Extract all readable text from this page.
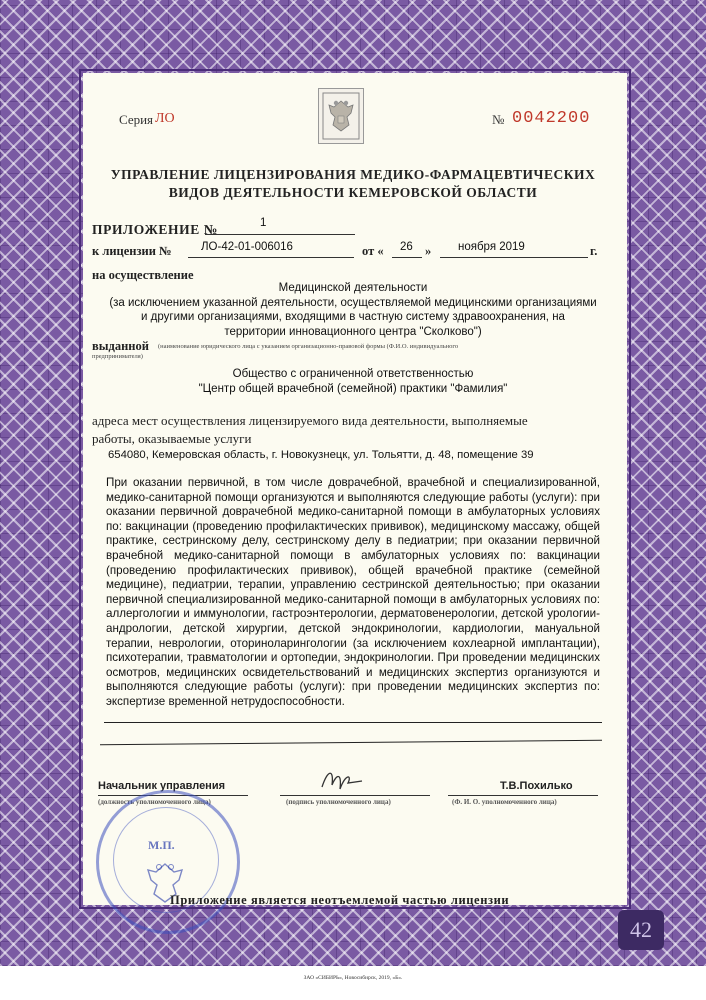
42
Серия ЛО	№ 0042200
УПРАВЛЕНИЕ ЛИЦЕНЗИРОВАНИЯ МЕДИКО-ФАРМАЦЕВТИЧЕСКИХ
ВИДОВ ДЕЯТЕЛЬНОСТИ КЕМЕРОВСКОЙ ОБЛАСТИ
ПРИЛОЖЕНИЕ №	1
к лицензии №	ЛО-42-01-006016	от « 26 » ноября 2019	г.
на осуществление
Медицинской деятельности
(за исключением указанной деятельности, осуществляемой медицинскими организациями
и другими организациями, входящими в частную систему здравоохранения, на
территории инновационного центра "Сколково")
выданной (наименование юридического лица с указанием организационно-правовой формы (Ф.И.О. индивидуального
предпринимателя)
Общество с ограниченной ответственностью
"Центр общей врачебной (семейной) практики "Фамилия"
адреса мест осуществления лицензируемого вида деятельности, выполняемые
работы, оказываемые услуги
654080, Кемеровская область, г. Новокузнецк, ул. Тольятти, д. 48, помещение 39
При оказании первичной, в том числе доврачебной, врачебной и специализированной, медико-санитарной помощи организуются и выполняются следующие работы (услуги): при оказании первичной доврачебной медико-санитарной помощи в амбулаторных условиях по: вакцинации (проведению профилактических прививок), медицинскому массажу, общей практике, сестринскому делу, сестринскому делу в педиатрии; при оказании первичной врачебной медико-санитарной помощи в амбулаторных условиях по: вакцинации (проведению профилактических прививок), общей врачебной практике (семейной медицине), педиатрии, терапии, управлению сестринской деятельностью; при оказании первичной специализированной медико-санитарной помощи в амбулаторных условиях по: аллергологии и иммунологии, гастроэнтерологии, дерматовенерологии, детской урологии-андрологии, детской хирургии, детской эндокринологии, кардиологии, мануальной терапии, неврологии, оториноларингологии (за исключением кохлеарной имплантации), психотерапии, травматологии и ортопедии, эндокринологии. При проведении медицинских осмотров, медицинских освидетельствований и медицинских экспертиз организуются и выполняются следующие работы (услуги): при проведении медицинских экспертиз по: экспертизе временной нетрудоспособности.
Начальник управления
(должность уполномоченного лица)	(подпись уполномоченного лица)
Т.В.Похилько
(Ф. И. О. уполномоченного лица)
М.П.
Приложение является неотъемлемой частью лицензии
ЗАО «СИБИРЬ», Новосибирск, 2019, «Б».
